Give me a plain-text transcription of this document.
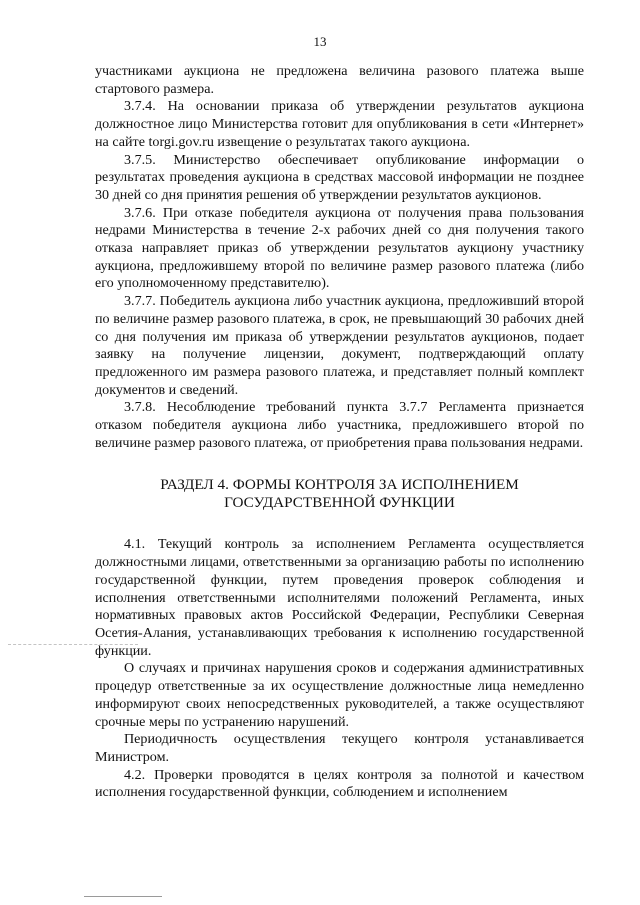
13

участниками аукциона не предложена величина разового платежа выше стартового размера.

3.7.4. На основании приказа об утверждении результатов аукциона должностное лицо Министерства готовит для опубликования в сети «Интернет» на сайте torgi.gov.ru извещение о результатах такого аукциона.

3.7.5. Министерство обеспечивает опубликование информации о результатах проведения аукциона в средствах массовой информации не позднее 30 дней со дня принятия решения об утверждении результатов аукционов.

3.7.6. При отказе победителя аукциона от получения права пользования недрами Министерства в течение 2-х рабочих дней со дня получения такого отказа направляет приказ об утверждении результатов аукциону участнику аукциона, предложившему второй по величине размер разового платежа (либо его уполномоченному представителю).

3.7.7. Победитель аукциона либо участник аукциона, предложивший второй по величине размер разового платежа, в срок, не превышающий 30 рабочих дней со дня получения им приказа об утверждении результатов аукционов, подает заявку на получение лицензии, документ, подтверждающий оплату предложенного им размера разового платежа, и представляет полный комплект документов и сведений.

3.7.8. Несоблюдение требований пункта 3.7.7 Регламента признается отказом победителя аукциона либо участника, предложившего второй по величине размер разового платежа, от приобретения права пользования недрами.

РАЗДЕЛ 4. ФОРМЫ КОНТРОЛЯ ЗА ИСПОЛНЕНИЕМ
ГОСУДАРСТВЕННОЙ ФУНКЦИИ

4.1. Текущий контроль за исполнением Регламента осуществляется должностными лицами, ответственными за организацию работы по исполнению государственной функции, путем проведения проверок соблюдения и исполнения ответственными исполнителями положений Регламента, иных нормативных правовых актов Российской Федерации, Республики Северная Осетия-Алания, устанавливающих требования к исполнению государственной функции.

О случаях и причинах нарушения сроков и содержания административных процедур ответственные за их осуществление должностные лица немедленно информируют своих непосредственных руководителей, а также осуществляют срочные меры по устранению нарушений.

Периодичность осуществления текущего контроля устанавливается Министром.

4.2. Проверки проводятся в целях контроля за полнотой и качеством исполнения государственной функции, соблюдением и исполнением
